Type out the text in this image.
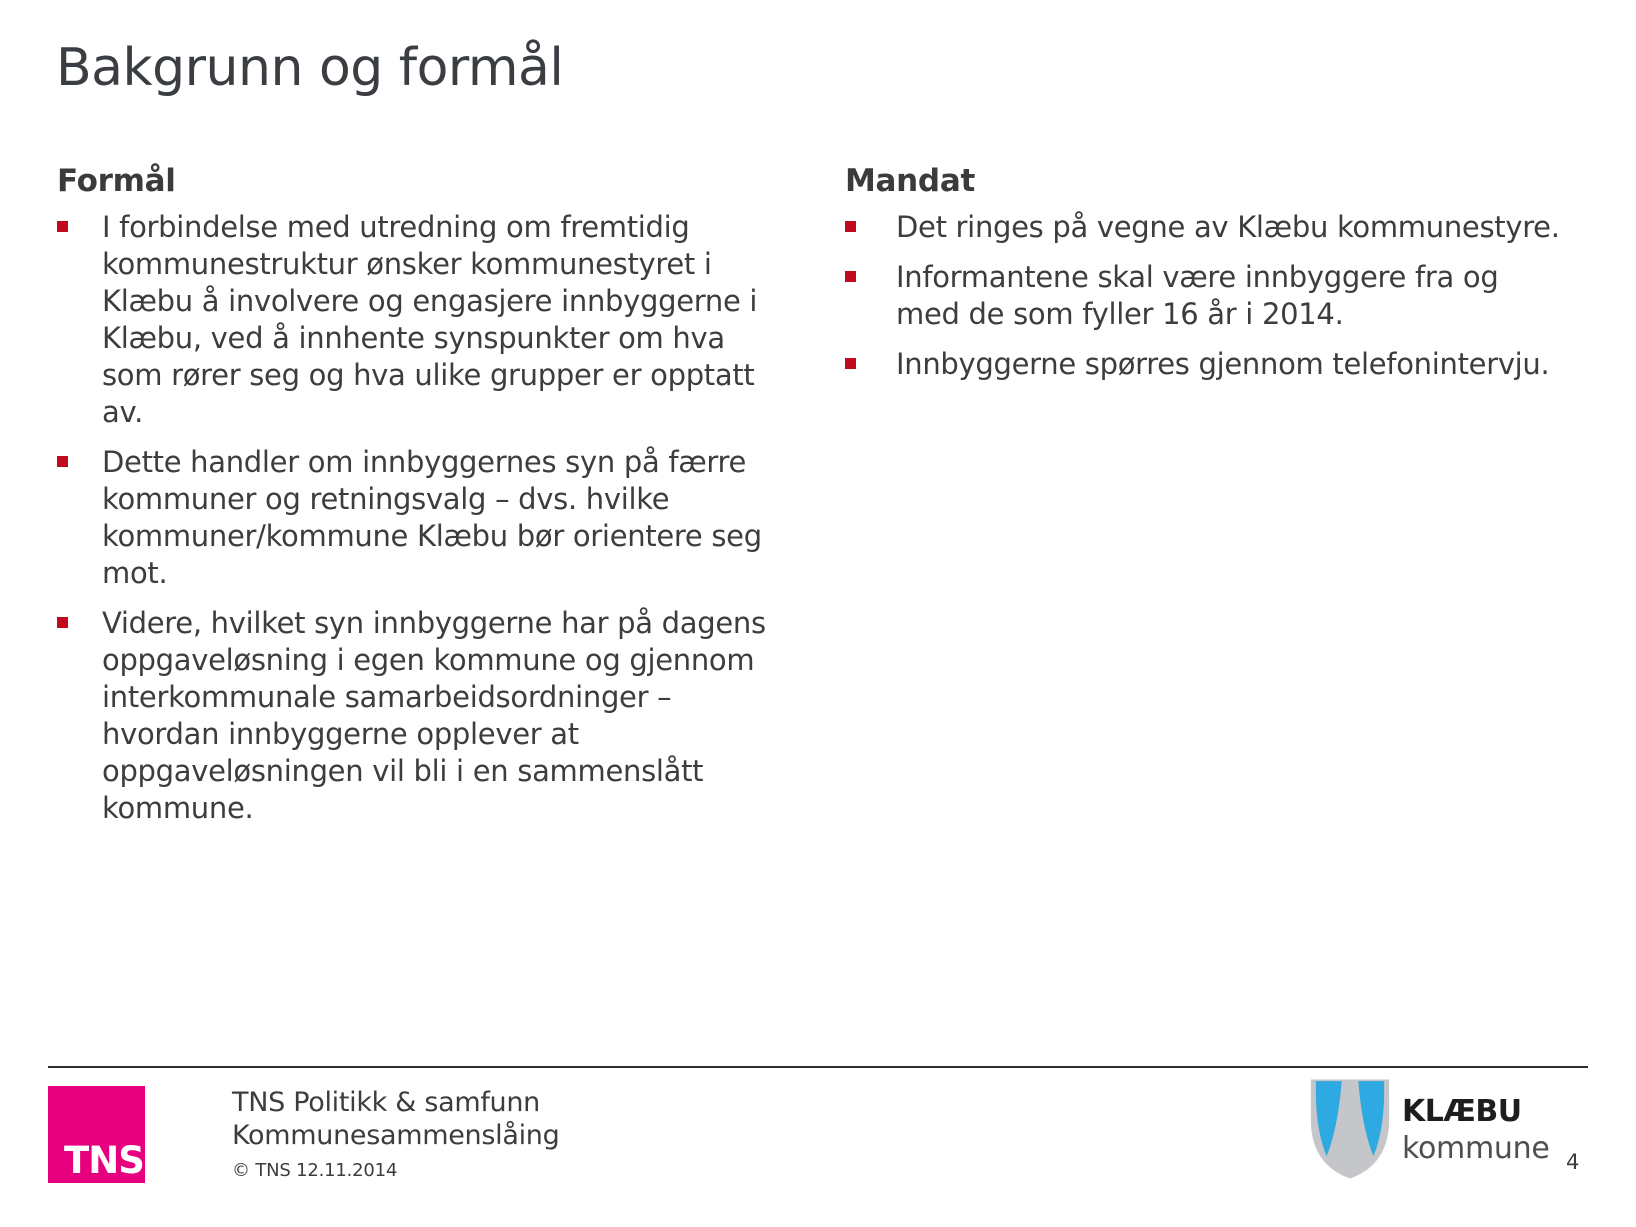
Bakgrunn og formål
Formål
I forbindelse med utredning om fremtidig kommunestruktur ønsker kommunestyret i Klæbu å involvere og engasjere innbyggerne i Klæbu, ved å innhente synspunkter om hva som rører seg og hva ulike grupper er opptatt av.
Dette handler om innbyggernes syn på færre kommuner og retningsvalg – dvs. hvilke kommuner/kommune Klæbu bør orientere seg mot.
Videre, hvilket syn innbyggerne har på dagens oppgaveløsning i egen kommune og gjennom interkommunale samarbeidsordninger – hvordan innbyggerne opplever at oppgaveløsningen vil bli i en sammenslått kommune.
Mandat
Det ringes på vegne av Klæbu kommunestyre.
Informantene skal være innbyggere fra og med de som fyller 16 år i 2014.
Innbyggerne spørres gjennom telefonintervju.
TNS
TNS Politikk & samfunn
Kommunesammenslåing
© TNS 12.11.2014
KLÆBU
kommune 4
